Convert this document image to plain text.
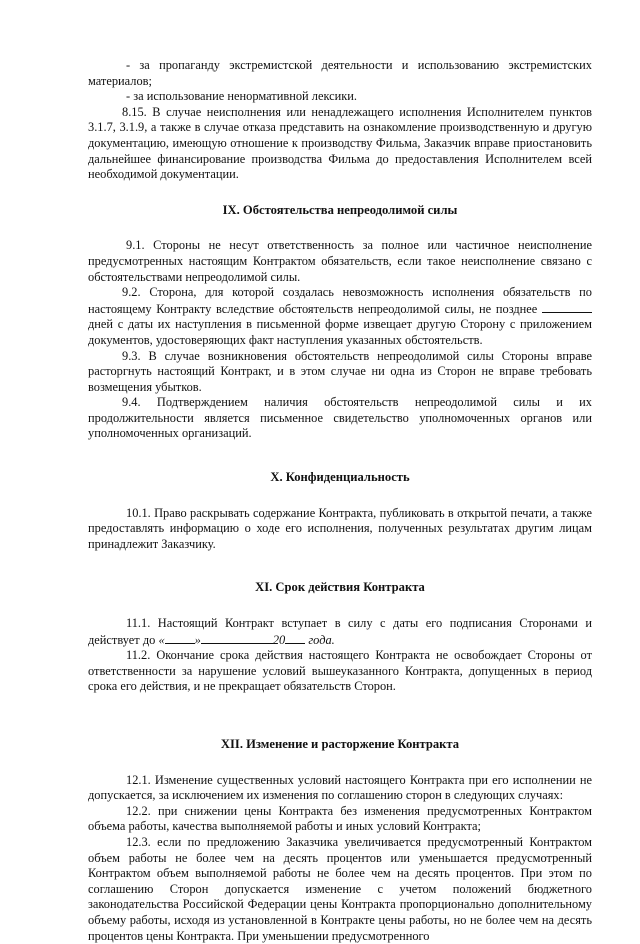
- за пропаганду экстремистской деятельности и использованию экстремистских материалов;

- за использование ненормативной лексики.

8.15. В случае неисполнения или ненадлежащего исполнения Исполнителем пунктов 3.1.7, 3.1.9, а также в случае отказа представить на ознакомление производственную и другую документацию, имеющую отношение к производству Фильма, Заказчик вправе приостановить дальнейшее финансирование производства Фильма до предоставления Исполнителем всей необходимой документации.

IX. Обстоятельства непреодолимой силы

9.1. Стороны не несут ответственность за полное или частичное неисполнение предусмотренных настоящим Контрактом обязательств, если такое неисполнение связано с обстоятельствами непреодолимой силы.

9.2. Сторона, для которой создалась невозможность исполнения обязательств по настоящему Контракту вследствие обстоятельств непреодолимой силы, не позднее  дней с даты их наступления в письменной форме извещает другую Сторону с приложением документов, удостоверяющих факт наступления указанных обстоятельств.

9.3. В случае возникновения обстоятельств непреодолимой силы Стороны вправе расторгнуть настоящий Контракт, и в этом случае ни одна из Сторон не вправе требовать возмещения убытков.

9.4. Подтверждением наличия обстоятельств непреодолимой силы и их продолжительности является письменное свидетельство уполномоченных органов или уполномоченных организаций.

X. Конфиденциальность

10.1. Право раскрывать содержание Контракта, публиковать в открытой печати, а также предоставлять информацию о ходе его исполнения, полученных результатах другим лицам принадлежит Заказчику.

XI. Срок действия Контракта

11.1. Настоящий Контракт вступает в силу с даты его подписания Сторонами и действует до « »	20 года.

11.2. Окончание срока действия настоящего Контракта не освобождает Стороны от ответственности за нарушение условий вышеуказанного Контракта, допущенных в период срока его действия, и не прекращает обязательств Сторон.

XII. Изменение и расторжение Контракта

12.1. Изменение существенных условий настоящего Контракта при его исполнении не допускается, за исключением их изменения по соглашению сторон в следующих случаях:

12.2. при снижении цены Контракта без изменения предусмотренных Контрактом объема работы, качества выполняемой работы и иных условий Контракта;

12.3. если по предложению Заказчика увеличивается предусмотренный Контрактом объем работы не более чем на десять процентов или уменьшается предусмотренный Контрактом объем выполняемой работы не более чем на десять процентов. При этом по соглашению Сторон допускается изменение с учетом положений бюджетного законодательства Российской Федерации цены Контракта пропорционально дополнительному объему работы, исходя из установленной в Контракте цены работы, но не более чем на десять процентов цены Контракта. При уменьшении предусмотренного
